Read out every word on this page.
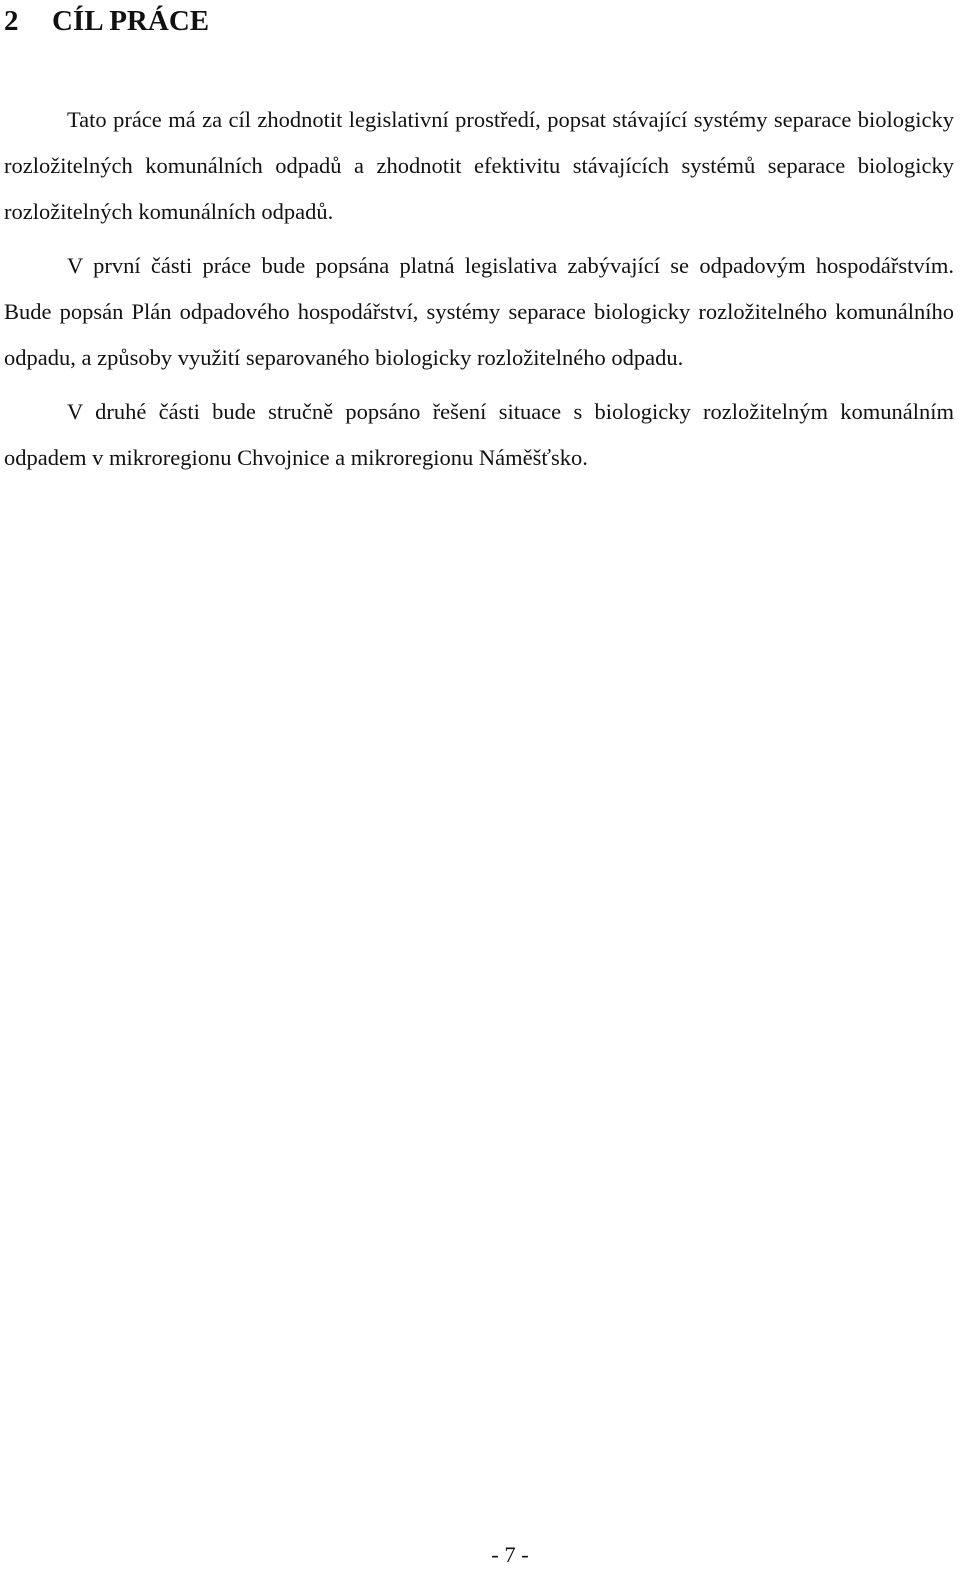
2 CÍL PRÁCE

Tato práce má za cíl zhodnotit legislativní prostředí, popsat stávající systémy separace biologicky rozložitelných komunálních odpadů a zhodnotit efektivitu stávajících systémů separace biologicky rozložitelných komunálních odpadů.

V první části práce bude popsána platná legislativa zabývající se odpadovým hospodářstvím. Bude popsán Plán odpadového hospodářství, systémy separace biologicky rozložitelného komunálního odpadu, a způsoby využití separovaného biologicky rozložitelného odpadu.

V druhé části bude stručně popsáno řešení situace s biologicky rozložitelným komunálním odpadem v mikroregionu Chvojnice a mikroregionu Náměšťsko.

- 7 -
